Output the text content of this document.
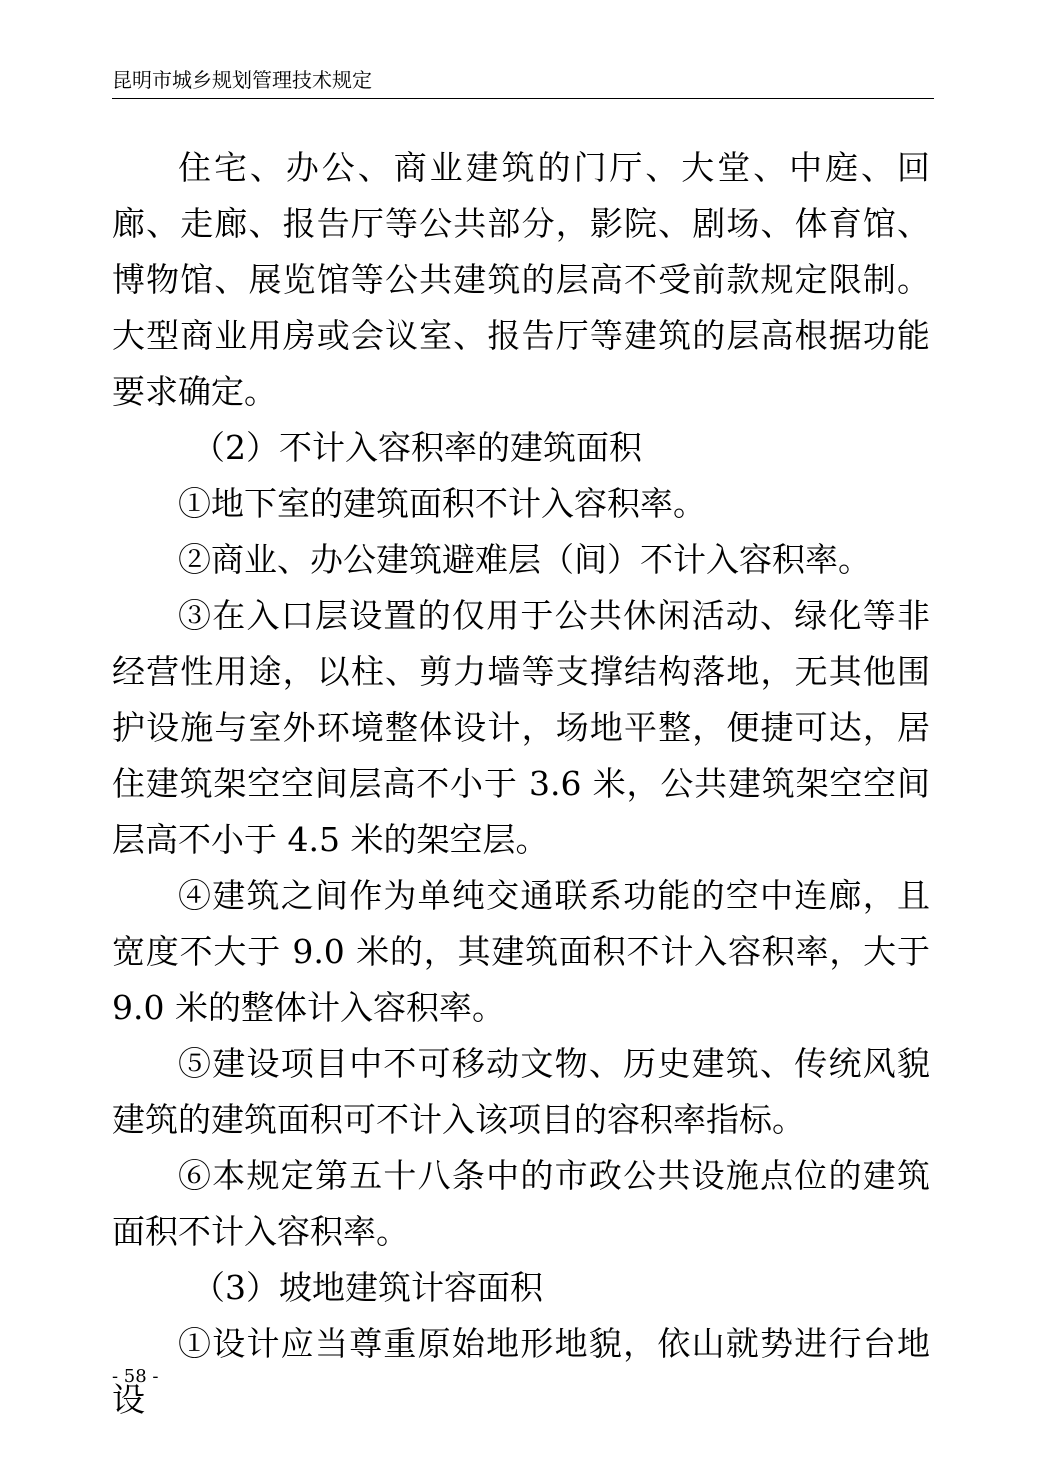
昆明市城乡规划管理技术规定

住宅、办公、商业建筑的门厅、大堂、中庭、回廊、走廊、报告厅等公共部分，影院、剧场、体育馆、博物馆、展览馆等公共建筑的层高不受前款规定限制。大型商业用房或会议室、报告厅等建筑的层高根据功能要求确定。

（2）不计入容积率的建筑面积

①地下室的建筑面积不计入容积率。

②商业、办公建筑避难层（间）不计入容积率。

③在入口层设置的仅用于公共休闲活动、绿化等非经营性用途，以柱、剪力墙等支撑结构落地，无其他围护设施与室外环境整体设计，场地平整，便捷可达，居住建筑架空空间层高不小于 3.6 米，公共建筑架空空间层高不小于 4.5 米的架空层。

④建筑之间作为单纯交通联系功能的空中连廊，且宽度不大于 9.0 米的，其建筑面积不计入容积率，大于 9.0 米的整体计入容积率。

⑤建设项目中不可移动文物、历史建筑、传统风貌建筑的建筑面积可不计入该项目的容积率指标。

⑥本规定第五十八条中的市政公共设施点位的建筑面积不计入容积率。

（3）坡地建筑计容面积

①设计应当尊重原始地形地貌，依山就势进行台地设

- 58 -
